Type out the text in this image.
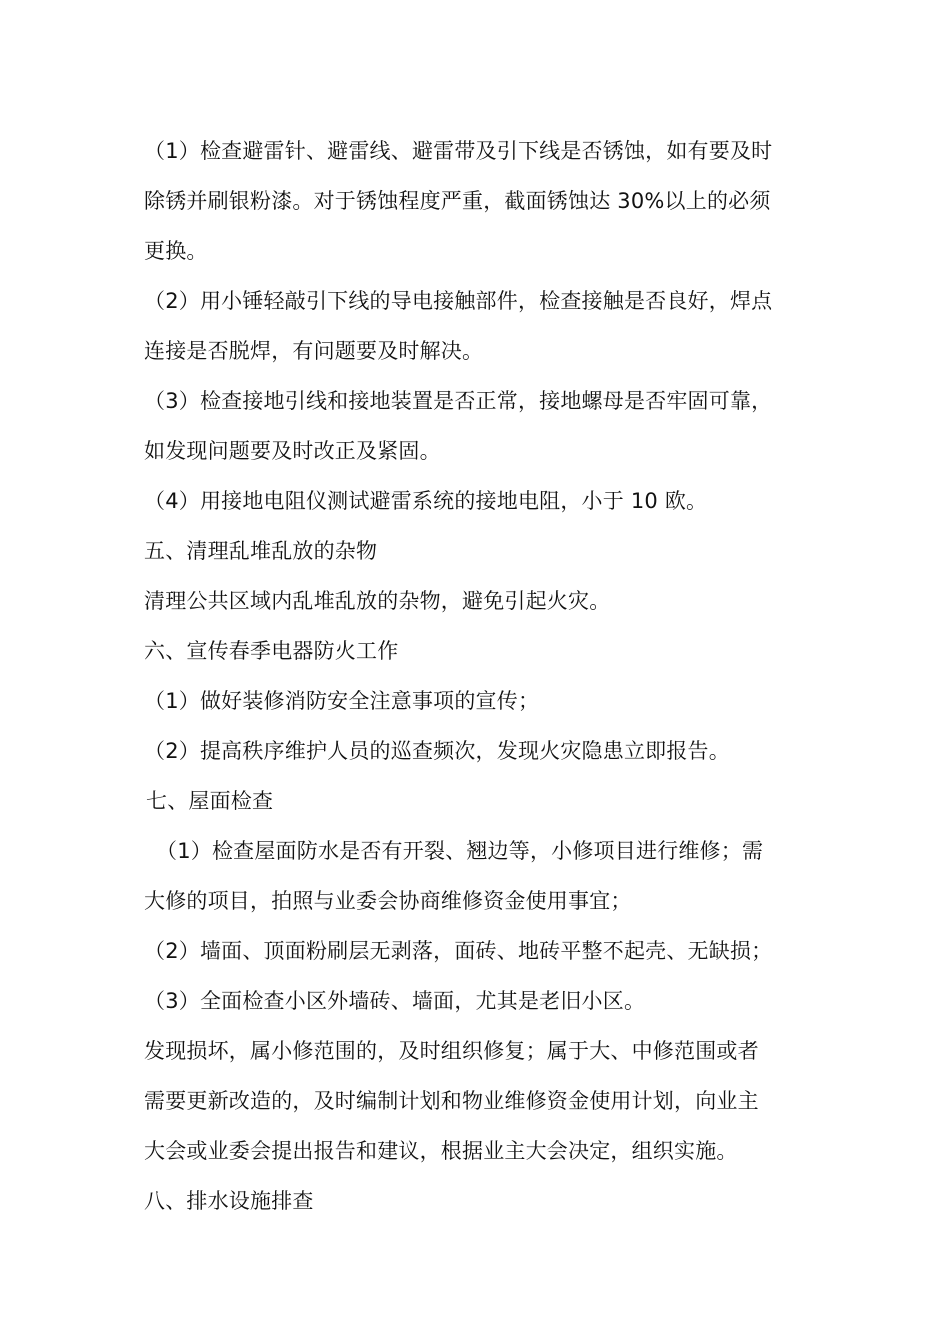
（1）检查避雷针、避雷线、避雷带及引下线是否锈蚀，如有要及时
除锈并刷银粉漆。对于锈蚀程度严重，截面锈蚀达 30%以上的必须
更换。
（2）用小锤轻敲引下线的导电接触部件，检查接触是否良好，焊点
连接是否脱焊，有问题要及时解决。
（3）检查接地引线和接地装置是否正常，接地螺母是否牢固可靠，
如发现问题要及时改正及紧固。
（4）用接地电阻仪测试避雷系统的接地电阻，小于 10 欧。
五、清理乱堆乱放的杂物
清理公共区域内乱堆乱放的杂物，避免引起火灾。
六、宣传春季电器防火工作
（1）做好装修消防安全注意事项的宣传；
（2）提高秩序维护人员的巡查频次，发现火灾隐患立即报告。
七、屋面检查
（1）检查屋面防水是否有开裂、翘边等，小修项目进行维修；需
大修的项目，拍照与业委会协商维修资金使用事宜；
（2）墙面、顶面粉刷层无剥落，面砖、地砖平整不起壳、无缺损；
（3）全面检查小区外墙砖、墙面，尤其是老旧小区。
发现损坏，属小修范围的，及时组织修复；属于大、中修范围或者
需要更新改造的，及时编制计划和物业维修资金使用计划，向业主
大会或业委会提出报告和建议，根据业主大会决定，组织实施。
八、排水设施排查
